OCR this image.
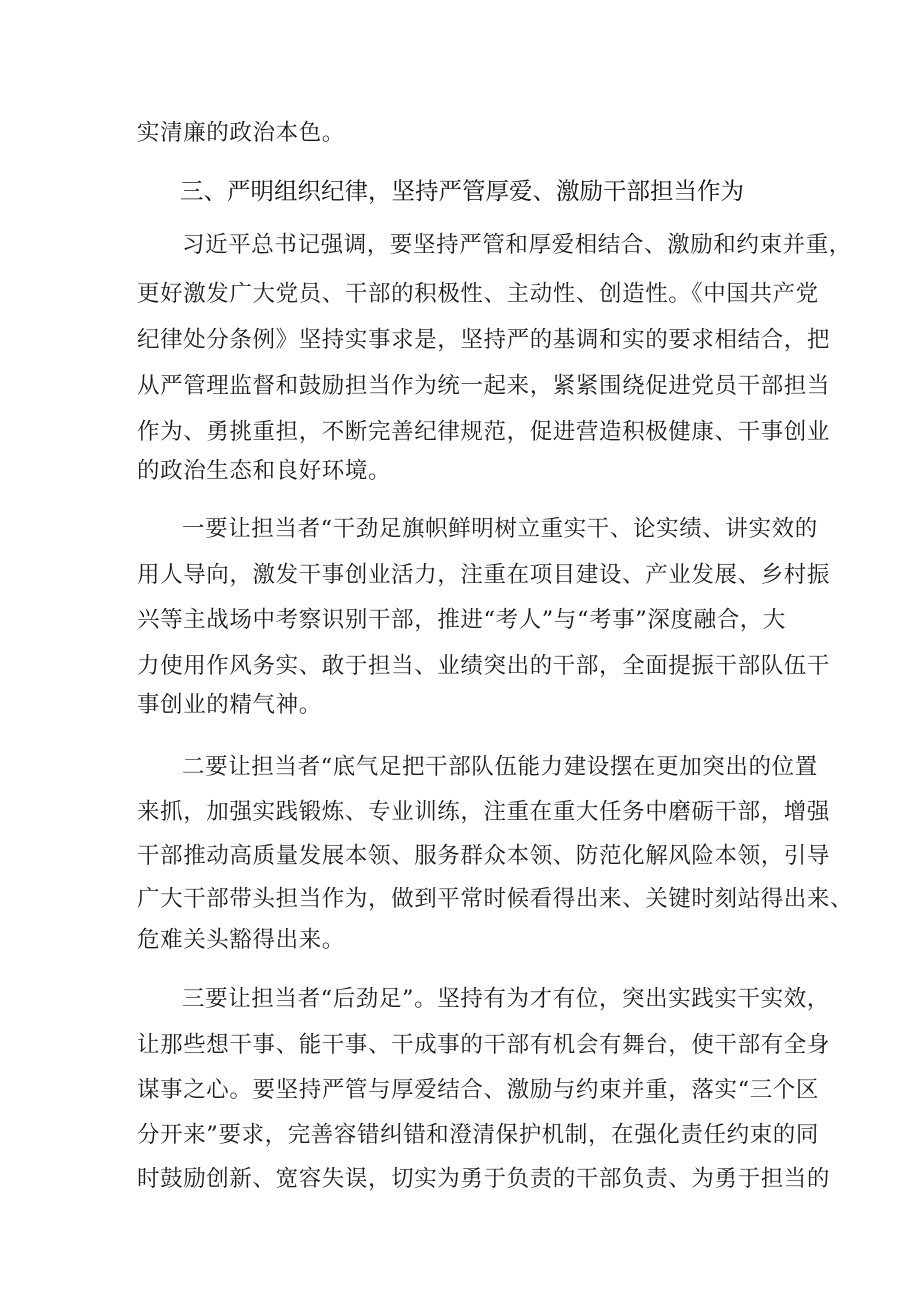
实清廉的政治本色。
三、严明组织纪律，坚持严管厚爱、激励干部担当作为
习近平总书记强调，要坚持严管和厚爱相结合、激励和约束并重，
更好激发广大党员、干部的积极性、主动性、创造性。《中国共产党
纪律处分条例》坚持实事求是，坚持严的基调和实的要求相结合，把
从严管理监督和鼓励担当作为统一起来，紧紧围绕促进党员干部担当
作为、勇挑重担，不断完善纪律规范，促进营造积极健康、干事创业
的政治生态和良好环境。
一要让担当者“干劲足旗帜鲜明树立重实干、论实绩、讲实效的
用人导向，激发干事创业活力，注重在项目建设、产业发展、乡村振
兴等主战场中考察识别干部，推进“考人”与“考事”深度融合，大
力使用作风务实、敢于担当、业绩突出的干部，全面提振干部队伍干
事创业的精气神。
二要让担当者“底气足把干部队伍能力建设摆在更加突出的位置
来抓，加强实践锻炼、专业训练，注重在重大任务中磨砺干部，增强
干部推动高质量发展本领、服务群众本领、防范化解风险本领，引导
广大干部带头担当作为，做到平常时候看得出来、关键时刻站得出来、
危难关头豁得出来。
三要让担当者“后劲足”。坚持有为才有位，突出实践实干实效，
让那些想干事、能干事、干成事的干部有机会有舞台，使干部有全身
谋事之心。要坚持严管与厚爱结合、激励与约束并重，落实“三个区
分开来”要求，完善容错纠错和澄清保护机制，在强化责任约束的同
时鼓励创新、宽容失误，切实为勇于负责的干部负责、为勇于担当的
